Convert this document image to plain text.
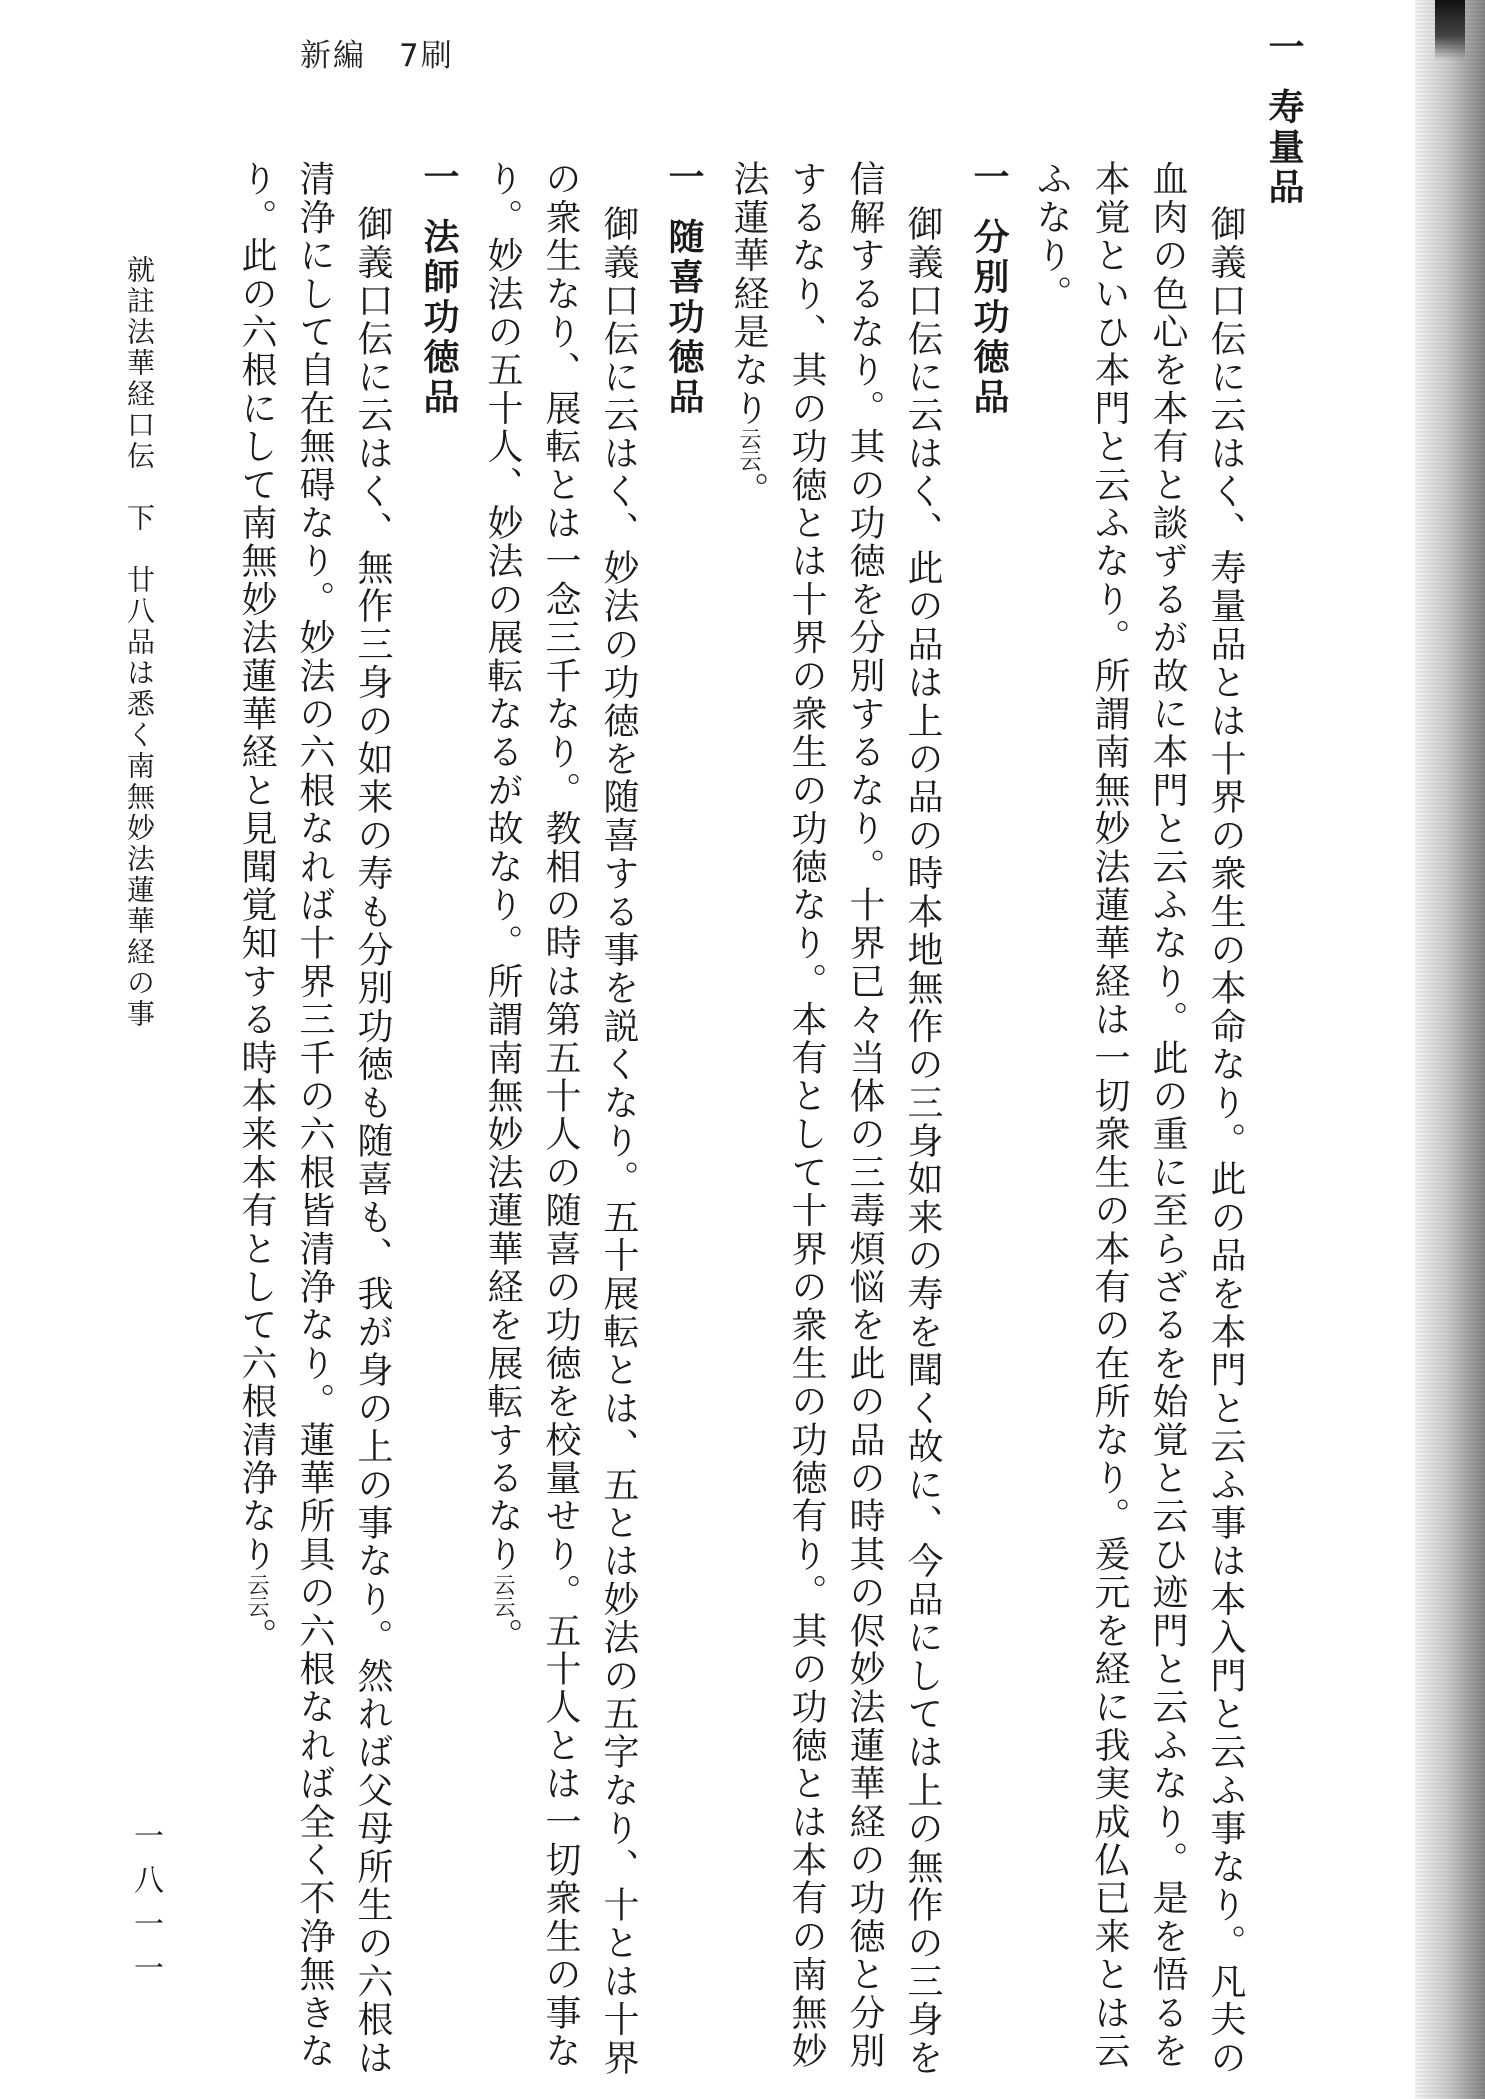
新編　7刷	一寿量品
御義口伝に云はく、寿量品とは十界の衆生の本命なり。此の品を本門と云ふ事は本入門と云ふ事なり。凡夫の
血肉の色心を本有と談ずるが故に本門と云ふなり。此の重に至らざるを始覚と云ひ迹門と云ふなり。是を悟るを
本覚といひ本門と云ふなり。所謂南無妙法蓮華経は一切衆生の本有の在所なり。爰元を経に我実成仏已来とは云
ふなり。
一分別功徳品
御義口伝に云はく、此の品は上の品の時本地無作の三身如来の寿を聞く故に、今品にしては上の無作の三身を
信解するなり。其の功徳を分別するなり。十界已々当体の三毒煩悩を此の品の時其の侭妙法蓮華経の功徳と分別
するなり、其の功徳とは十界の衆生の功徳なり。本有として十界の衆生の功徳有り。其の功徳とは本有の南無妙
法蓮華経是なり云云。
一随喜功徳品
御義口伝に云はく、妙法の功徳を随喜する事を説くなり。五十展転とは、五とは妙法の五字なり、十とは十界
の衆生なり、展転とは一念三千なり。教相の時は第五十人の随喜の功徳を校量せり。五十人とは一切衆生の事な
り。妙法の五十人、妙法の展転なるが故なり。所謂南無妙法蓮華経を展転するなり云云。
一法師功徳品
御義口伝に云はく、無作三身の如来の寿も分別功徳も随喜も、我が身の上の事なり。然れば父母所生の六根は
清浄にして自在無碍なり。妙法の六根なれば十界三千の六根皆清浄なり。蓮華所具の六根なれば全く不浄無きな
り。此の六根にして南無妙法蓮華経と見聞覚知する時本来本有として六根清浄なり云云。
就註法華経口伝　下　廿八品は悉く南無妙法蓮華経の事
一八一一
